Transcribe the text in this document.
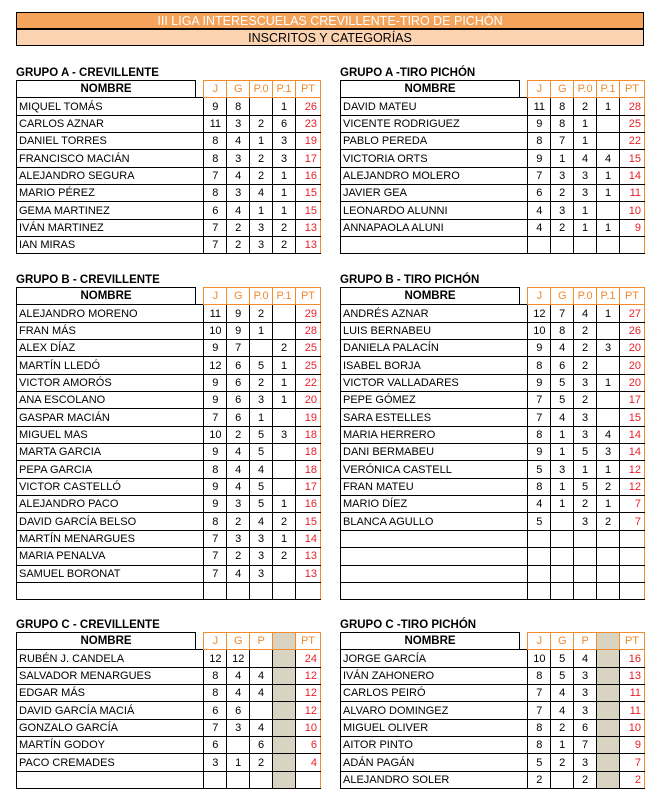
III LIGA INTERESCUELAS CREVILLENTE-TIRO DE PICHÓN
INSCRITOS Y CATEGORÍAS
GRUPO A - CREVILLENTE
NOMBRE		J	G	P.0	P.1	PT
MIQUEL TOMÁS		9	8		1	26
CARLOS AZNAR		11	3	2	6	23
DANIEL TORRES		8	4	1	3	19
FRANCISCO MACIÁN		8	3	2	3	17
ALEJANDRO SEGURA		7	4	2	1	16
MARIO PÉREZ		8	3	4	1	15
GEMA MARTINEZ		6	4	1	1	15
IVÁN MARTINEZ		7	2	3	2	13
IAN MIRAS		7	2	3	2	13
GRUPO A -TIRO PICHÓN
NOMBRE		J	G	P.0	P.1	PT
DAVID MATEU		11	8	2	1	28
VICENTE RODRIGUEZ		9	8	1		25
PABLO PEREDA		8	7	1		22
VICTORIA ORTS		9	1	4	4	15
ALEJANDRO MOLERO		7	3	3	1	14
JAVIER GEA		6	2	3	1	11
LEONARDO ALUNNI		4	3	1		10
ANNAPAOLA ALUNI		4	2	1	1	9

GRUPO B - CREVILLENTE
NOMBRE		J	G	P.0	P.1	PT
ALEJANDRO MORENO		11	9	2		29
FRAN MÁS		10	9	1		28
ALEX DÍAZ		9	7		2	25
MARTÍN LLEDÓ		12	6	5	1	25
VICTOR AMORÓS		9	6	2	1	22
ANA ESCOLANO		9	6	3	1	20
GASPAR MACIÁN		7	6	1		19
MIGUEL MAS		10	2	5	3	18
MARTA GARCIA		9	4	5		18
PEPA GARCIA		8	4	4		18
VICTOR CASTELLÓ		9	4	5		17
ALEJANDRO PACO		9	3	5	1	16
DAVID GARCÍA BELSO		8	2	4	2	15
MARTÍN MENARGUES		7	3	3	1	14
MARIA PENALVA		7	2	3	2	13
SAMUEL BORONAT		7	4	3		13

GRUPO B - TIRO PICHÓN
NOMBRE		J	G	P.0	P.1	PT
ANDRÉS AZNAR		12	7	4	1	27
LUIS BERNABEU		10	8	2		26
DANIELA PALACÍN		9	4	2	3	20
ISABEL BORJA		8	6	2		20
VICTOR VALLADARES		9	5	3	1	20
PEPE GÓMEZ		7	5	2		17
SARA ESTELLES		7	4	3		15
MARIA HERRERO		8	1	3	4	14
DANI BERMABEU		9	1	5	3	14
VERÓNICA CASTELL		5	3	1	1	12
FRAN MATEU		8	1	5	2	12
MARIO DÍEZ		4	1	2	1	7
BLANCA AGULLO		5		3	2	7

GRUPO C - CREVILLENTE
NOMBRE		J	G	P		PT
RUBÉN J. CANDELA		12	12			24
SALVADOR MENARGUES		8	4	4		12
EDGAR MÁS		8	4	4		12
DAVID GARCÍA MACIÁ		6	6			12
GONZALO GARCÍA		7	3	4		10
MARTÍN GODOY		6		6		6
PACO CREMADES		3	1	2		4

GRUPO C -TIRO PICHÓN
NOMBRE		J	G	P		PT
JORGE GARCÍA		10	5	4		16
IVÁN ZAHONERO		8	5	3		13
CARLOS PEIRÓ		7	4	3		11
ALVARO DOMINGEZ		7	4	3		11
MIGUEL OLIVER		8	2	6		10
AITOR PINTO		8	1	7		9
ADÁN PAGÁN		5	2	3		7
ALEJANDRO SOLER		2		2		2
